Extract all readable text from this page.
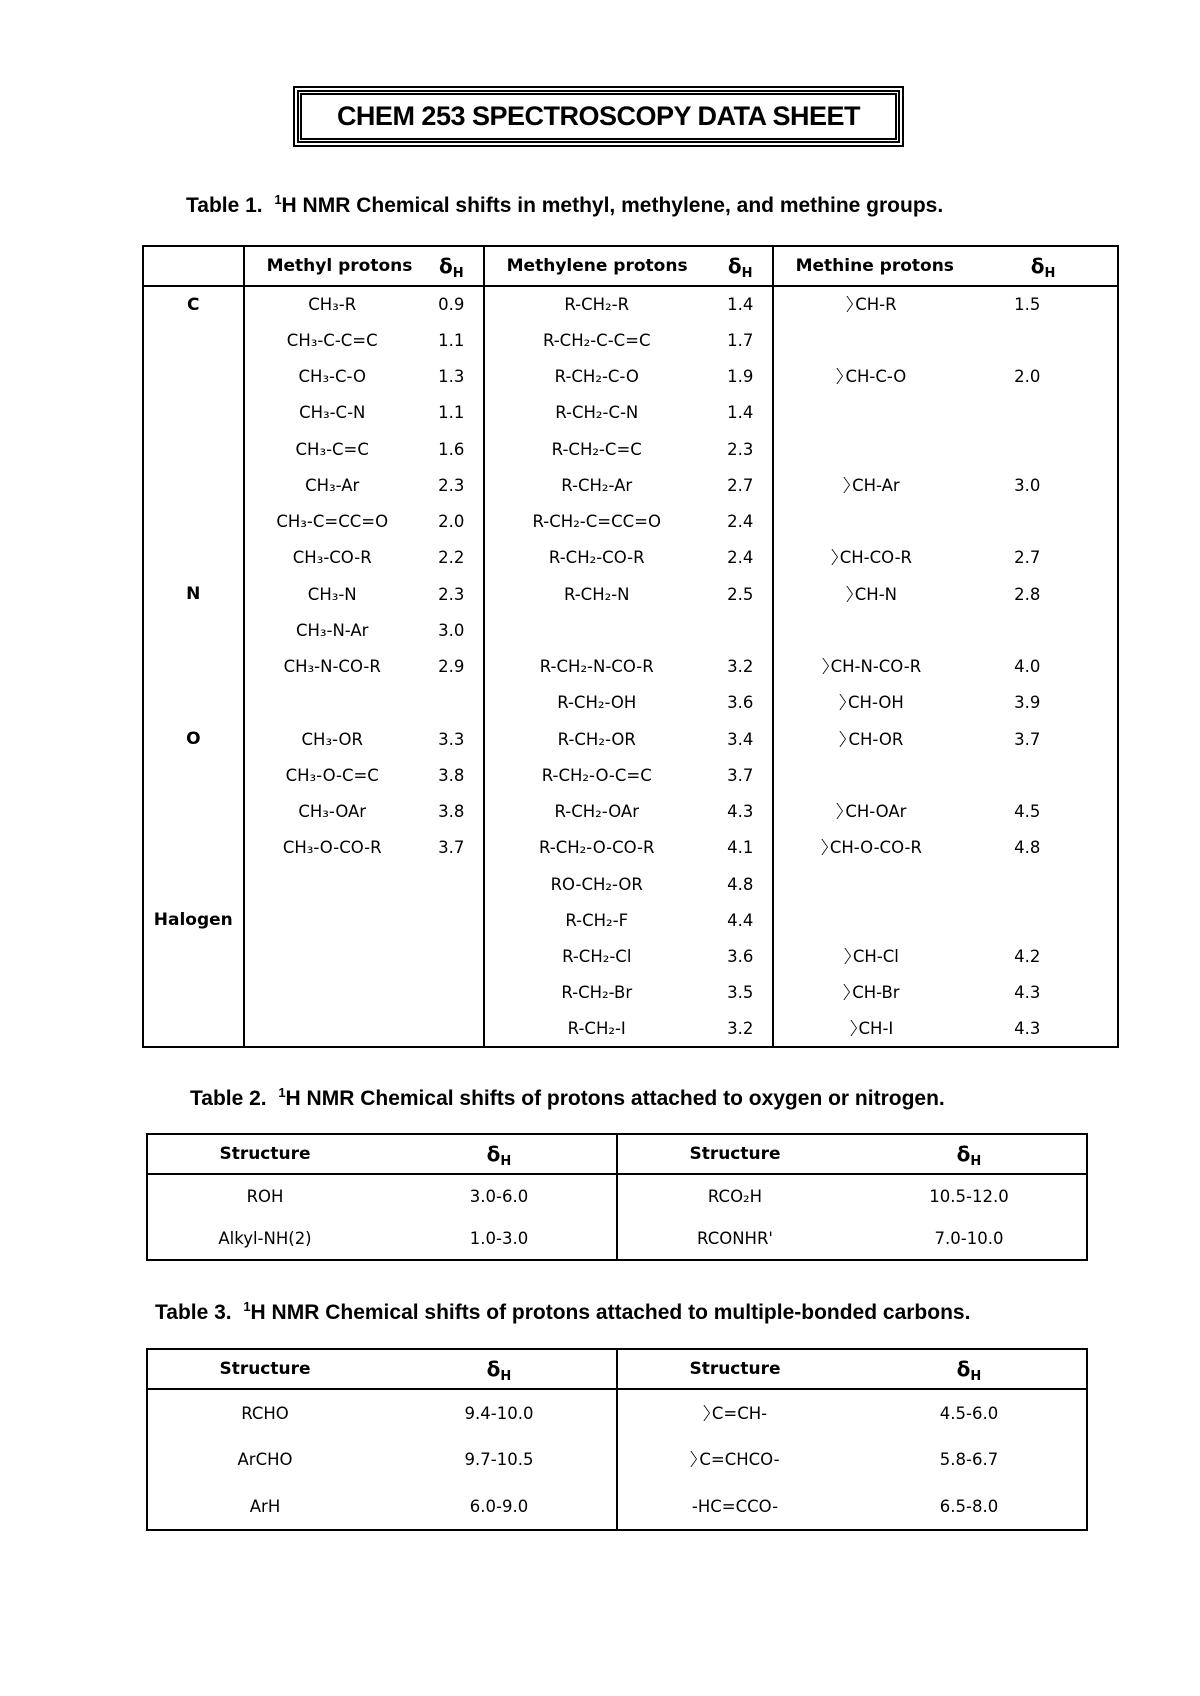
CHEM 253 SPECTROSCOPY DATA SHEET
Table 1. $^1$H NMR Chemical shifts in methyl, methylene, and methine groups.
	Methyl protons	$\delta_H$	Methylene protons	$\delta_H$	Methine protons	$\delta_H$
C	CH₃-R	0.9	R-CH₂-R	1.4	CH-R	1.5
	CH₃-C-C=C	1.1	R-CH₂-C-C=C	1.7		
	CH₃-C-O	1.3	R-CH₂-C-O	1.9	CH-C-O	2.0
	CH₃-C-N	1.1	R-CH₂-C-N	1.4		
	CH₃-C=C	1.6	R-CH₂-C=C	2.3		
	CH₃-Ar	2.3	R-CH₂-Ar	2.7	CH-Ar	3.0
	CH₃-C=CC=O	2.0	R-CH₂-C=CC=O	2.4		
	CH₃-CO-R	2.2	R-CH₂-CO-R	2.4	CH-CO-R	2.7
N	CH₃-N	2.3	R-CH₂-N	2.5	CH-N	2.8
	CH₃-N-Ar	3.0				
	CH₃-N-CO-R	2.9	R-CH₂-N-CO-R	3.2	CH-N-CO-R	4.0
			R-CH₂-OH	3.6	CH-OH	3.9
O	CH₃-OR	3.3	R-CH₂-OR	3.4	CH-OR	3.7
	CH₃-O-C=C	3.8	R-CH₂-O-C=C	3.7		
	CH₃-OAr	3.8	R-CH₂-OAr	4.3	CH-OAr	4.5
	CH₃-O-CO-R	3.7	R-CH₂-O-CO-R	4.1	CH-O-CO-R	4.8
			RO-CH₂-OR	4.8		
Halogen			R-CH₂-F	4.4		
			R-CH₂-Cl	3.6	CH-Cl	4.2
			R-CH₂-Br	3.5	CH-Br	4.3
			R-CH₂-I	3.2	CH-I	4.3
Table 2. $^1$H NMR Chemical shifts of protons attached to oxygen or nitrogen.
Structure	$\delta_H$	Structure	$\delta_H$
ROH	3.0-6.0	RCO₂H	10.5-12.0
Alkyl-NH(2)	1.0-3.0	RCONHR'	7.0-10.0
Table 3. $^1$H NMR Chemical shifts of protons attached to multiple-bonded carbons.
Structure	$\delta_H$	Structure	$\delta_H$
RCHO	9.4-10.0	C=CH-	4.5-6.0
ArCHO	9.7-10.5	C=CHCO-	5.8-6.7
ArH	6.0-9.0	-HC=CCO-	6.5-8.0
